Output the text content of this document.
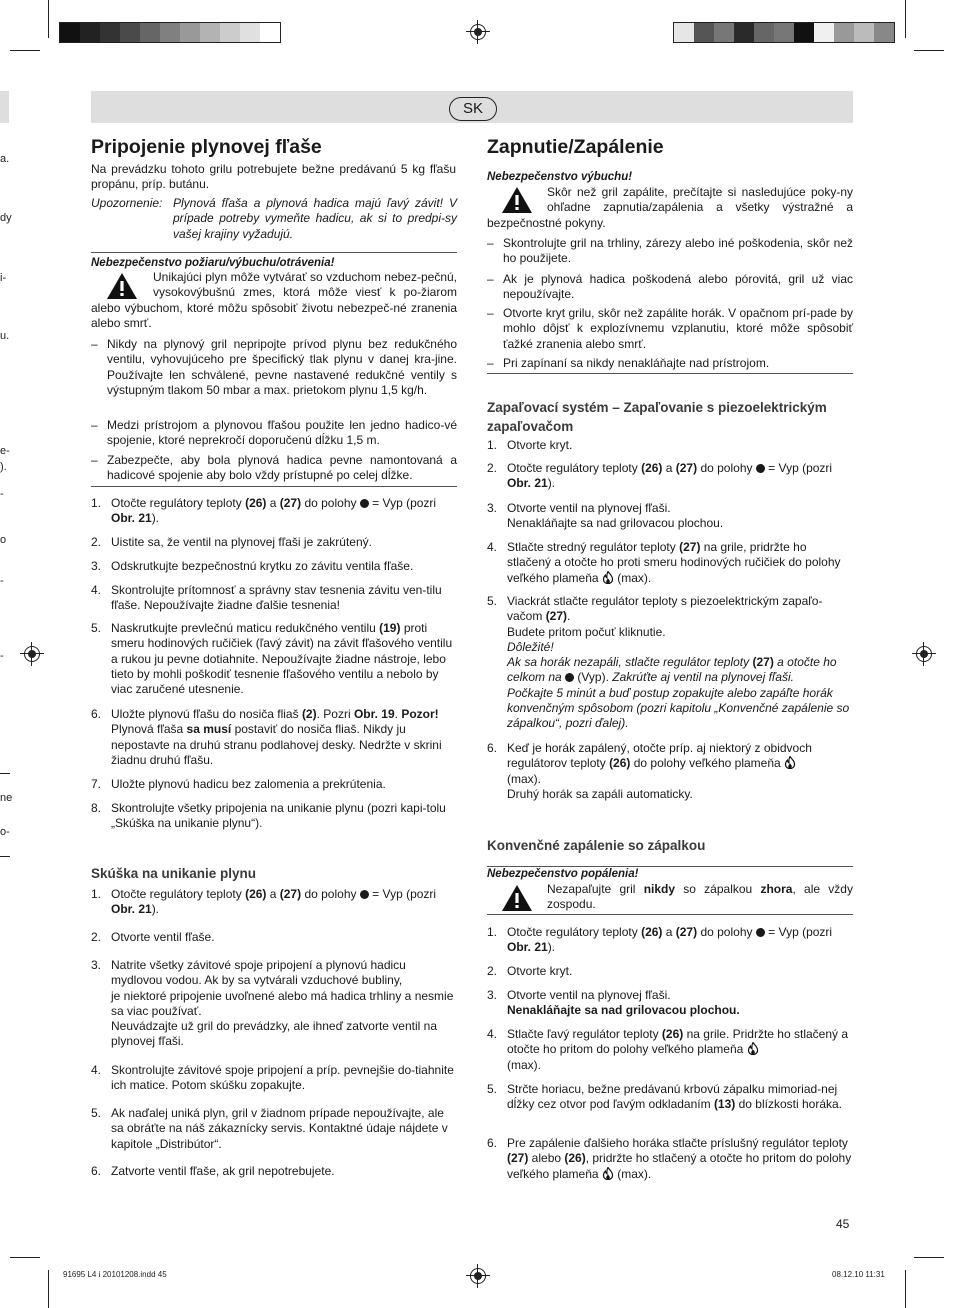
a.
dy
i-
u.
e-
).
-
o
-
-
ne
o-
SK
Pripojenie plynovej fľaše
Na prevádzku tohoto grilu potrebujete bežne predávanú 5 kg fľašu propánu, príp. butánu.
Upozornenie: Plynová fľaša a plynová hadica majú ľavý závit! V prípade potreby vymeňte hadicu, ak si to predpi-sy vašej krajiny vyžadujú.
Nebezpečenstvo požiaru/výbuchu/otrávenia!
Unikajúci plyn môže vytvárať so vzduchom nebez-pečnú, vysokovýbušnú zmes, ktorá môže viesť k po-žiarom alebo výbuchom, ktoré môžu spôsobiť životu nebezpeč-né zranenia alebo smrť.
– Nikdy na plynový gril nepripojte prívod plynu bez redukčného ventilu, vyhovujúceho pre špecifický tlak plynu v danej kra-jine. Používajte len schválené, pevne nastavené redukčné ventily s výstupným tlakom 50 mbar a max. prietokom plynu 1,5 kg/h.
– Medzi prístrojom a plynovou fľašou použite len jedno hadico-vé spojenie, ktoré neprekročí doporučenú dĺžku 1,5 m.
– Zabezpečte, aby bola plynová hadica pevne namontovaná a hadicové spojenie aby bolo vždy prístupné po celej dĺžke.
1. Otočte regulátory teploty (26) a (27) do polohy  = Vyp (pozri Obr. 21).
2. Uistite sa, že ventil na plynovej fľaši je zakrútený.
3. Odskrutkujte bezpečnostnú krytku zo závitu ventila fľaše.
4. Skontrolujte prítomnosť a správny stav tesnenia závitu ven-tilu fľaše. Nepoužívajte žiadne ďalšie tesnenia!
5. Naskrutkujte prevlečnú maticu redukčného ventilu (19) proti smeru hodinových ručičiek (ľavý závit) na závit fľašového ventilu a rukou ju pevne dotiahnite. Nepoužívajte žiadne nástroje, lebo tieto by mohli poškodiť tesnenie fľašového ventilu a nebolo by viac zaručené utesnenie.
6. Uložte plynovú fľašu do nosiča fliaš (2). Pozri Obr. 19. Pozor! Plynová fľaša sa musí postaviť do nosiča fliaš. Nikdy ju nepostavte na druhú stranu podlahovej desky. Nedržte v skrini žiadnu druhú fľašu.
7. Uložte plynovú hadicu bez zalomenia a prekrútenia.
8. Skontrolujte všetky pripojenia na unikanie plynu (pozri kapi-tolu „Skúška na unikanie plynu“).
Skúška na unikanie plynu
1. Otočte regulátory teploty (26) a (27) do polohy  = Vyp (pozri Obr. 21).
2. Otvorte ventil fľaše.
3. Natrite všetky závitové spoje pripojení a plynovú hadicu mydlovou vodou. Ak by sa vytvárali vzduchové bubliny,
je niektoré pripojenie uvoľnené alebo má hadica trhliny a nesmie sa viac používať.
Neuvádzajte už gril do prevádzky, ale ihneď zatvorte ventil na plynovej fľaši.
4. Skontrolujte závitové spoje pripojení a príp. pevnejšie do-tiahnite ich matice. Potom skúšku zopakujte.
5. Ak naďalej uniká plyn, gril v žiadnom prípade nepoužívajte, ale sa obráťte na náš zákaznícky servis. Kontaktné údaje nájdete v kapitole „Distribútor“.
6. Zatvorte ventil fľaše, ak gril nepotrebujete.
Zapnutie/Zapálenie
Nebezpečenstvo výbuchu!
Skôr než gril zapálite, prečítajte si nasledujúce poky-ny ohľadne zapnutia/zapálenia a všetky výstražné a bezpečnostné pokyny.
– Skontrolujte gril na trhliny, zárezy alebo iné poškodenia, skôr než ho použijete.
– Ak je plynová hadica poškodená alebo pórovitá, gril už viac nepoužívajte.
– Otvorte kryt grilu, skôr než zapálite horák. V opačnom prí-pade by mohlo dôjsť k explozívnemu vzplanutiu, ktoré môže spôsobiť ťažké zranenia alebo smrť.
– Pri zapínaní sa nikdy nenakláňajte nad prístrojom.
Zapaľovací systém – Zapaľovanie s piezoelektrickým zapaľovačom
1. Otvorte kryt.
2. Otočte regulátory teploty (26) a (27) do polohy  = Vyp (pozri Obr. 21).
3. Otvorte ventil na plynovej fľaši.
Nenakláňajte sa nad grilovacou plochou.
4. Stlačte stredný regulátor teploty (27) na grile, pridržte ho stlačený a otočte ho proti smeru hodinových ručičiek do polohy veľkého plameňa  (max).
5. Viackrát stlačte regulátor teploty s piezoelektrickým zapaľo-vačom (27).
Budete pritom počuť kliknutie.
Dôležité!
Ak sa horák nezapáli, stlačte regulátor teploty (27) a otočte ho celkom na  (Vyp). Zakrúťte aj ventil na plynovej fľaši.
Počkajte 5 minút a buď postup zopakujte alebo zapáľte horák konvenčným spôsobom (pozri kapitolu „Konvenčné zapálenie so zápalkou“, pozri ďalej).
6. Keď je horák zapálený, otočte príp. aj niektorý z obidvoch regulátorov teploty (26) do polohy veľkého plameňa
(max).
Druhý horák sa zapáli automaticky.
Konvenčné zapálenie so zápalkou
Nebezpečenstvo popálenia!
Nezapaľujte gril nikdy so zápalkou zhora, ale vždy zospodu.
1. Otočte regulátory teploty (26) a (27) do polohy  = Vyp (pozri Obr. 21).
2. Otvorte kryt.
3. Otvorte ventil na plynovej fľaši.
Nenakláňajte sa nad grilovacou plochou.
4. Stlačte ľavý regulátor teploty (26) na grile. Pridržte ho stlačený a otočte ho pritom do polohy veľkého plameňa
(max).
5. Strčte horiacu, bežne predávanú krbovú zápalku mimoriad-nej dĺžky cez otvor pod ľavým odkladaním (13) do blízkosti horáka.
6. Pre zapálenie ďalšieho horáka stlačte príslušný regulátor teploty (27) alebo (26), pridržte ho stlačený a otočte ho pritom do polohy veľkého plameňa  (max).
45
91695 L4 i 20101208.indd 45	08.12.10 11:31
